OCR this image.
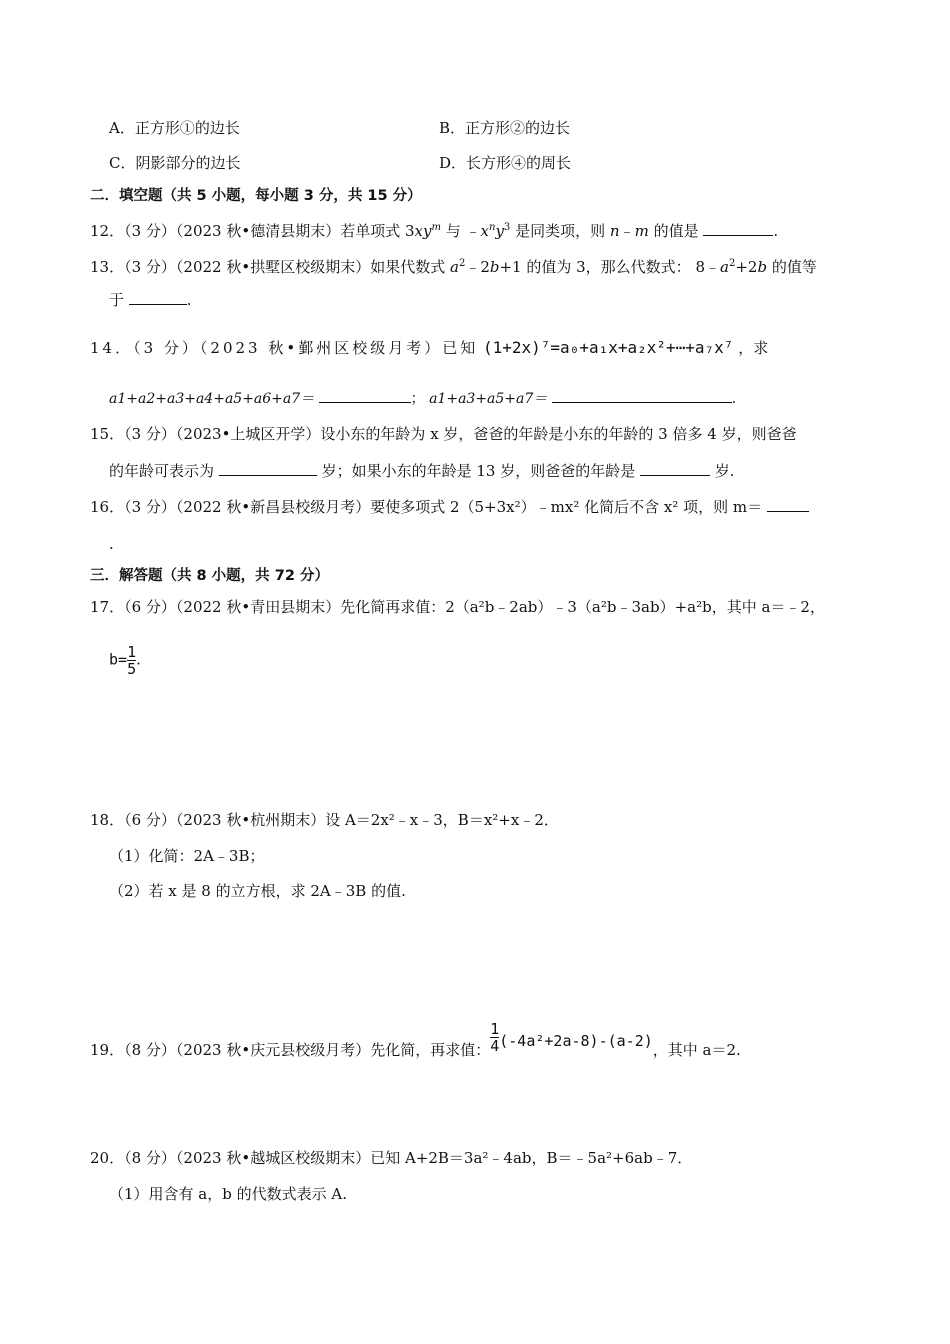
A．正方形①的边长	B．正方形②的边长
C．阴影部分的边长	D．长方形④的周长
二．填空题（共 5 小题，每小题 3 分，共 15 分）
12．（3 分）（2023 秋•德清县期末）若单项式 $3xy^m$ 与 $﹣x^ny^3$ 是同类项，则 n﹣m 的值是	.
13．（3 分）（2022 秋•拱墅区校级期末）如果代数式 $a^2﹣2b+1$ 的值为 3，那么代数式： $8﹣a^2+2b$ 的值等
于	.
14．（3 分）（2023 秋•鄞州区校级月考）已知 (1+2x)⁷=a₀+a₁x+a₂x²+⋯+a₇x⁷ ，求
a1+a2+a3+a4+a5+a6+a7＝	； a1+a3+a5+a7＝	.
15．（3 分）（2023•上城区开学）设小东的年龄为 x 岁，爸爸的年龄是小东的年龄的 3 倍多 4 岁，则爸爸
的年龄可表示为	岁；如果小东的年龄是 13 岁，则爸爸的年龄是	岁.
16．（3 分）（2022 秋•新昌县校级月考）要使多项式 2（5+3x²）﹣mx² 化简后不含 x² 项，则 m＝
.
三．解答题（共 8 小题，共 72 分）
17．（6 分）（2022 秋•青田县期末）先化简再求值：2（a²b﹣2ab）﹣3（a²b﹣3ab）+a²b，其中 a＝﹣2，
$b= \frac{1}{5}$ .
18．（6 分）（2023 秋•杭州期末）设 A＝2x²﹣x﹣3，B＝x²+x﹣2．
（1）化简：2A﹣3B；
（2）若 x 是 8 的立方根，求 2A﹣3B 的值.
19．（8 分）（2023 秋•庆元县校级月考）先化简，再求值： $\frac{1}{4} (-4a^2+2a-8)-(a-2)$ ，其中 a＝2.
20．（8 分）（2023 秋•越城区校级期末）已知 A+2B＝3a²﹣4ab，B＝﹣5a²+6ab﹣7．
（1）用含有 a，b 的代数式表示 A.
